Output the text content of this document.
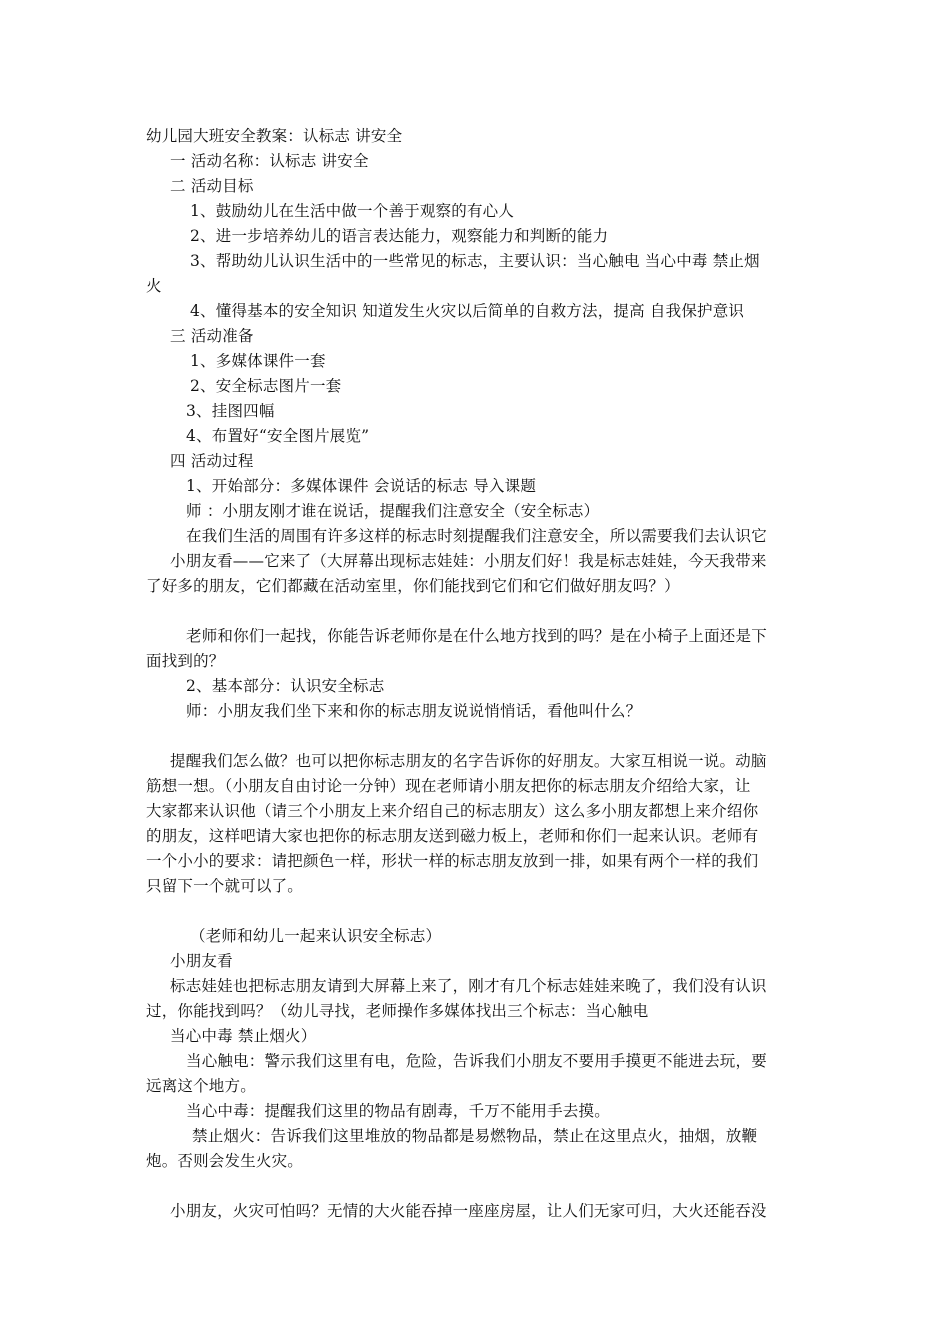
幼儿园大班安全教案：认标志 讲安全
一 活动名称：认标志 讲安全
二 活动目标
1、鼓励幼儿在生活中做一个善于观察的有心人
2、进一步培养幼儿的语言表达能力，观察能力和判断的能力
3、帮助幼儿认识生活中的一些常见的标志，主要认识：当心触电 当心中毒 禁止烟
火
4、懂得基本的安全知识 知道发生火灾以后简单的自救方法，提高 自我保护意识
三 活动准备
1、多媒体课件一套
2、安全标志图片一套
3、挂图四幅
4、布置好“安全图片展览”
四 活动过程
1、开始部分：多媒体课件 会说话的标志 导入课题
师 ：小朋友刚才谁在说话，提醒我们注意安全（安全标志）
在我们生活的周围有许多这样的标志时刻提醒我们注意安全，所以需要我们去认识它
小朋友看——它来了（大屏幕出现标志娃娃：小朋友们好！我是标志娃娃，今天我带来
了好多的朋友，它们都藏在活动室里，你们能找到它们和它们做好朋友吗？）
老师和你们一起找，你能告诉老师你是在什么地方找到的吗？是在小椅子上面还是下
面找到的？
2、基本部分：认识安全标志
师：小朋友我们坐下来和你的标志朋友说说悄悄话，看他叫什么？
提醒我们怎么做？也可以把你标志朋友的名字告诉你的好朋友。大家互相说一说。动脑
筋想一想。（小朋友自由讨论一分钟）现在老师请小朋友把你的标志朋友介绍给大家，让
大家都来认识他（请三个小朋友上来介绍自己的标志朋友）这么多小朋友都想上来介绍你
的朋友，这样吧请大家也把你的标志朋友送到磁力板上，老师和你们一起来认识。老师有
一个小小的要求：请把颜色一样，形状一样的标志朋友放到一排，如果有两个一样的我们
只留下一个就可以了。
（老师和幼儿一起来认识安全标志）
小朋友看
标志娃娃也把标志朋友请到大屏幕上来了，刚才有几个标志娃娃来晚了，我们没有认识
过，你能找到吗？（幼儿寻找，老师操作多媒体找出三个标志：当心触电
当心中毒 禁止烟火）
当心触电：警示我们这里有电，危险，告诉我们小朋友不要用手摸更不能进去玩，要
远离这个地方。
当心中毒：提醒我们这里的物品有剧毒，千万不能用手去摸。
禁止烟火：告诉我们这里堆放的物品都是易燃物品，禁止在这里点火，抽烟，放鞭
炮。否则会发生火灾。
小朋友，火灾可怕吗？无情的大火能吞掉一座座房屋，让人们无家可归，大火还能吞没
